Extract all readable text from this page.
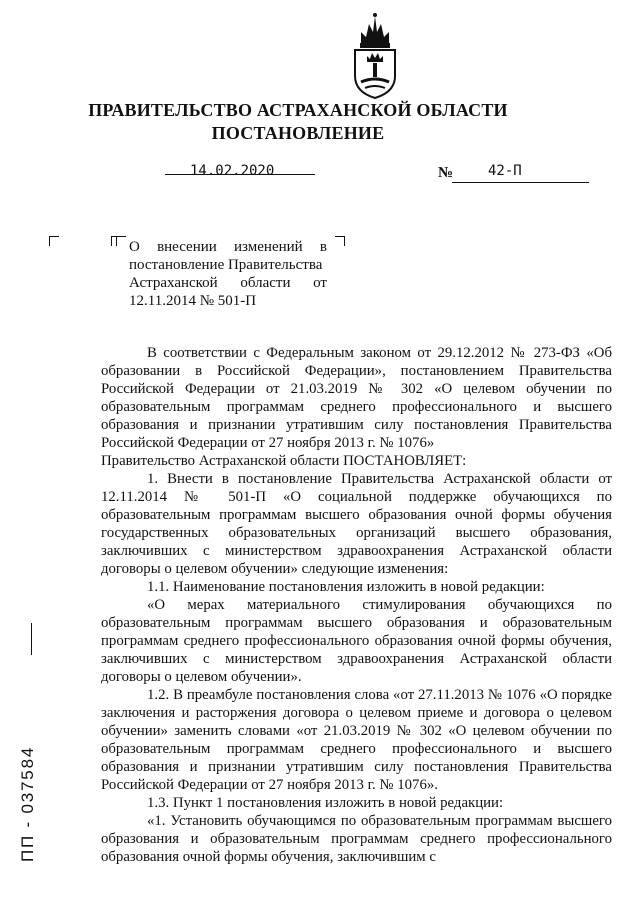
ПРАВИТЕЛЬСТВО АСТРАХАНСКОЙ ОБЛАСТИ
ПОСТАНОВЛЕНИЕ
14.02.2020	№ 42-П
О внесении изменений в
постановление Правительства
Астраханской области от
12.11.2014 № 501-П

В соответствии с Федеральным законом от 29.12.2012 № 273-ФЗ «Об образовании в Российской Федерации», постановлением Правительства Российской Федерации от 21.03.2019 № 302 «О целевом обучении по образовательным программам среднего профессионального и высшего образования и признании утратившим силу постановления Правительства Российской Федерации от 27 ноября 2013 г. № 1076»

Правительство Астраханской области ПОСТАНОВЛЯЕТ:

1. Внести в постановление Правительства Астраханской области от 12.11.2014 № 501-П «О социальной поддержке обучающихся по образовательным программам высшего образования очной формы обучения государственных образовательных организаций высшего образования, заключивших с министерством здравоохранения Астраханской области договоры о целевом обучении» следующие изменения:

1.1. Наименование постановления изложить в новой редакции:

«О мерах материального стимулирования обучающихся по образовательным программам высшего образования и образовательным программам среднего профессионального образования очной формы обучения, заключивших с министерством здравоохранения Астраханской области договоры о целевом обучении».

1.2. В преамбуле постановления слова «от 27.11.2013 № 1076 «О порядке заключения и расторжения договора о целевом приеме и договора о целевом обучении» заменить словами «от 21.03.2019 № 302 «О целевом обучении по образовательным программам среднего профессионального и высшего образования и признании утратившим силу постановления Правительства Российской Федерации от 27 ноября 2013 г. № 1076».

1.3. Пункт 1 постановления изложить в новой редакции:

«1. Установить обучающимся по образовательным программам высшего образования и образовательным программам среднего профессионального образования очной формы обучения, заключившим с

ПП - 037584
